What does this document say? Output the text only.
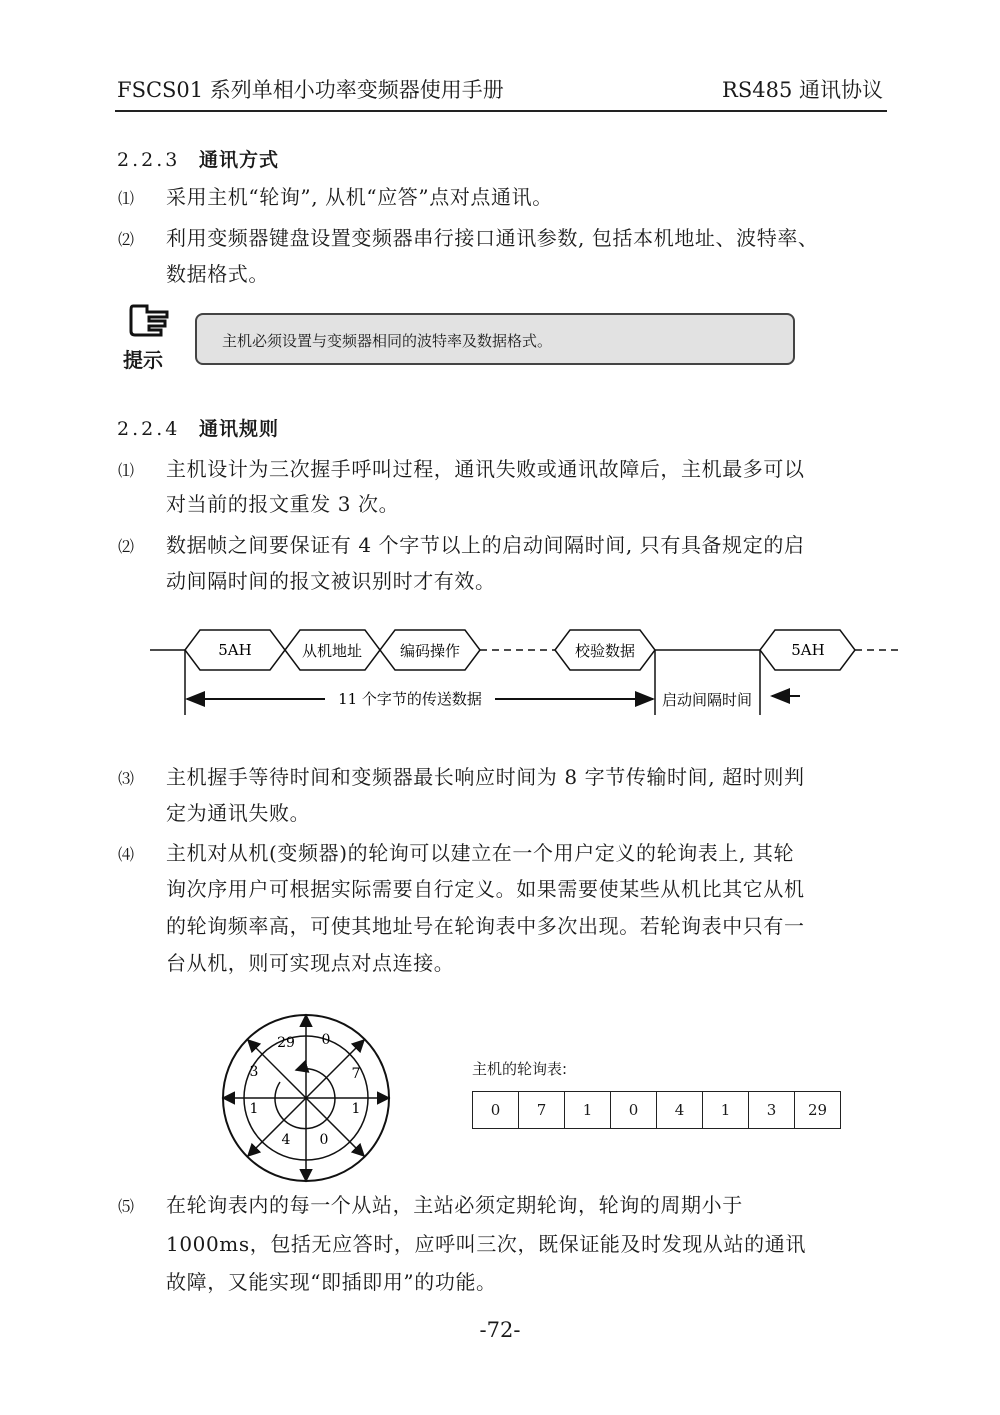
FSCS01 系列单相小功率变频器使用手册	RS485 通讯协议
2.2.3 通讯方式
⑴ 采用主机“轮询”, 从机“应答”点对点通讯。
⑵ 利用变频器键盘设置变频器串行接口通讯参数, 包括本机地址、波特率、
数据格式。
提示
主机必须设置与变频器相同的波特率及数据格式。
2.2.4 通讯规则
⑴ 主机设计为三次握手呼叫过程，通讯失败或通讯故障后，主机最多可以
对当前的报文重发 3 次。
⑵ 数据帧之间要保证有 4 个字节以上的启动间隔时间, 只有具备规定的启
动间隔时间的报文被识别时才有效。
5AH	从机地址	编码操作	校验数据	5AH
11 个字节的传送数据	启动间隔时间
⑶ 主机握手等待时间和变频器最长响应时间为 8 字节传输时间, 超时则判
定为通讯失败。
⑷ 主机对从机(变频器)的轮询可以建立在一个用户定义的轮询表上, 其轮
询次序用户可根据实际需要自行定义。如果需要使某些从机比其它从机
的轮询频率高，可使其地址号在轮询表中多次出现。若轮询表中只有一
台从机，则可实现点对点连接。
29 0
3	7
1	1
4 0
主机的轮询表:
0	7	1	0	4	1	3	29
⑸ 在轮询表内的每一个从站，主站必须定期轮询，轮询的周期小于
1000ms，包括无应答时，应呼叫三次，既保证能及时发现从站的通讯
故障，又能实现“即插即用”的功能。
-72-
